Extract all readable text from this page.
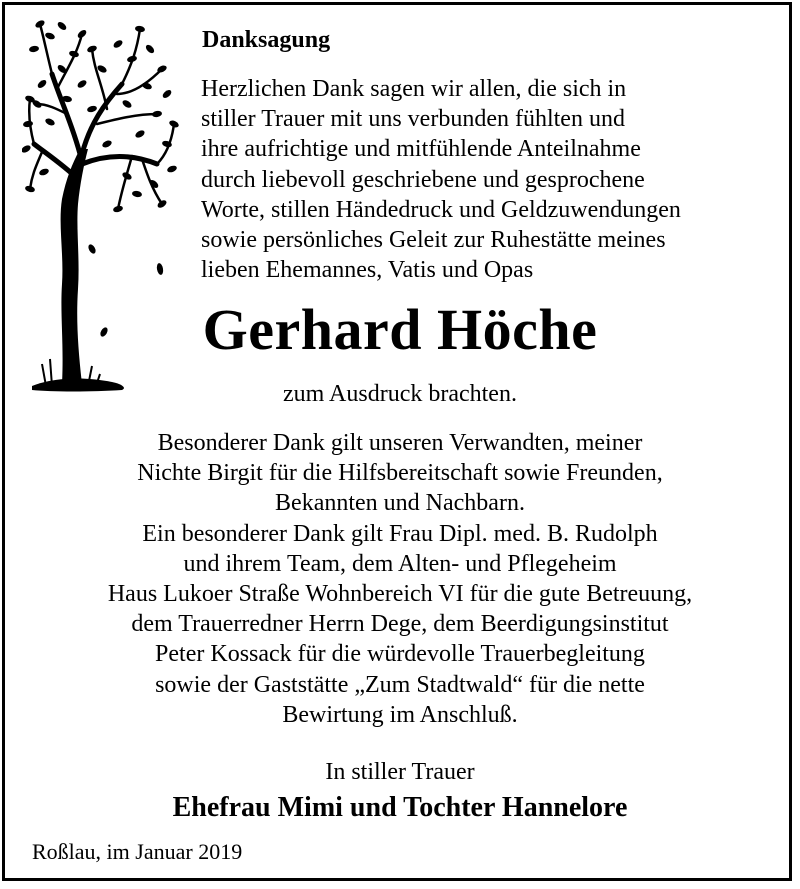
Danksagung
Herzlichen Dank sagen wir allen, die sich in
stiller Trauer mit uns verbunden fühlten und
ihre aufrichtige und mitfühlende Anteilnahme
durch liebevoll geschriebene und gesprochene
Worte, stillen Händedruck und Geldzuwendungen
sowie persönliches Geleit zur Ruhestätte meines
lieben Ehemannes, Vatis und Opas
Gerhard Höche
zum Ausdruck brachten.
Besonderer Dank gilt unseren Verwandten, meiner
Nichte Birgit für die Hilfsbereitschaft sowie Freunden,
Bekannten und Nachbarn.
Ein besonderer Dank gilt Frau Dipl. med. B. Rudolph
und ihrem Team, dem Alten- und Pflegeheim
Haus Lukoer Straße Wohnbereich VI für die gute Betreuung,
dem Trauerredner Herrn Dege, dem Beerdigungsinstitut
Peter Kossack für die würdevolle Trauerbegleitung
sowie der Gaststätte „Zum Stadtwald“ für die nette
Bewirtung im Anschluß.
In stiller Trauer
Ehefrau Mimi und Tochter Hannelore
Roßlau, im Januar 2019
